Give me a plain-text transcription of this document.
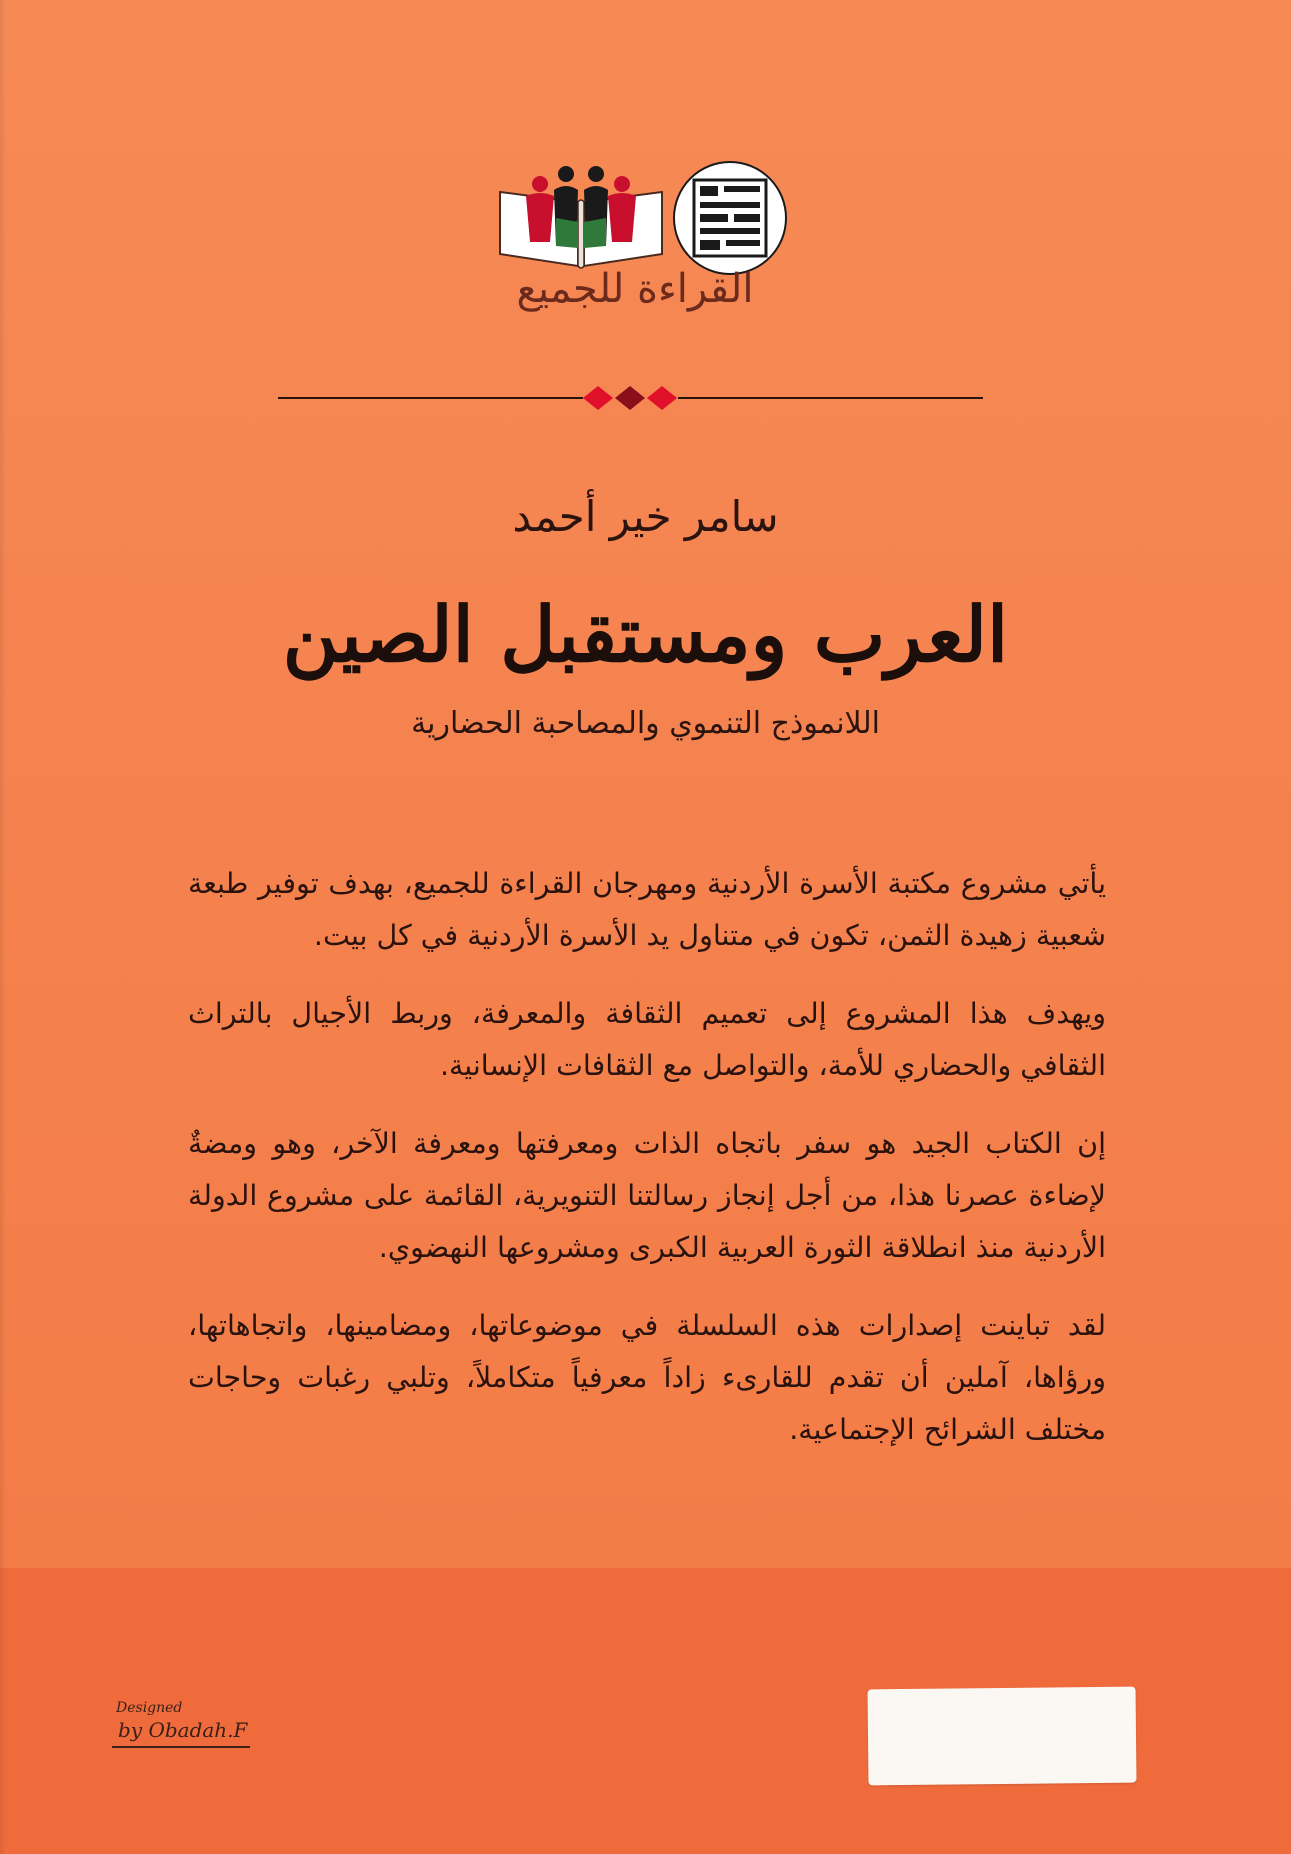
القراءة للجميع
سامر خير أحمد
العرب ومستقبل الصين
اللانموذج التنموي والمصاحبة الحضارية

يأتي مشروع مكتبة الأسرة الأردنية ومهرجان القراءة للجميع، بهدف توفير طبعة شعبية زهيدة الثمن، تكون في متناول يد الأسرة الأردنية في كل بيت.

ويهدف هذا المشروع إلى تعميم الثقافة والمعرفة، وربط الأجيال بالتراث الثقافي والحضاري للأمة، والتواصل مع الثقافات الإنسانية.

إن الكتاب الجيد هو سفر باتجاه الذات ومعرفتها ومعرفة الآخر، وهو ومضةٌ لإضاءة عصرنا هذا، من أجل إنجاز رسالتنا التنويرية، القائمة على مشروع الدولة الأردنية منذ انطلاقة الثورة العربية الكبرى ومشروعها النهضوي.

لقد تباينت إصدارات هذه السلسلة في موضوعاتها، ومضامينها، واتجاهاتها، ورؤاها، آملين أن تقدم للقارىء زاداً معرفياً متكاملاً، وتلبي رغبات وحاجات مختلف الشرائح الإجتماعية.

Designed
by Obadah.F
